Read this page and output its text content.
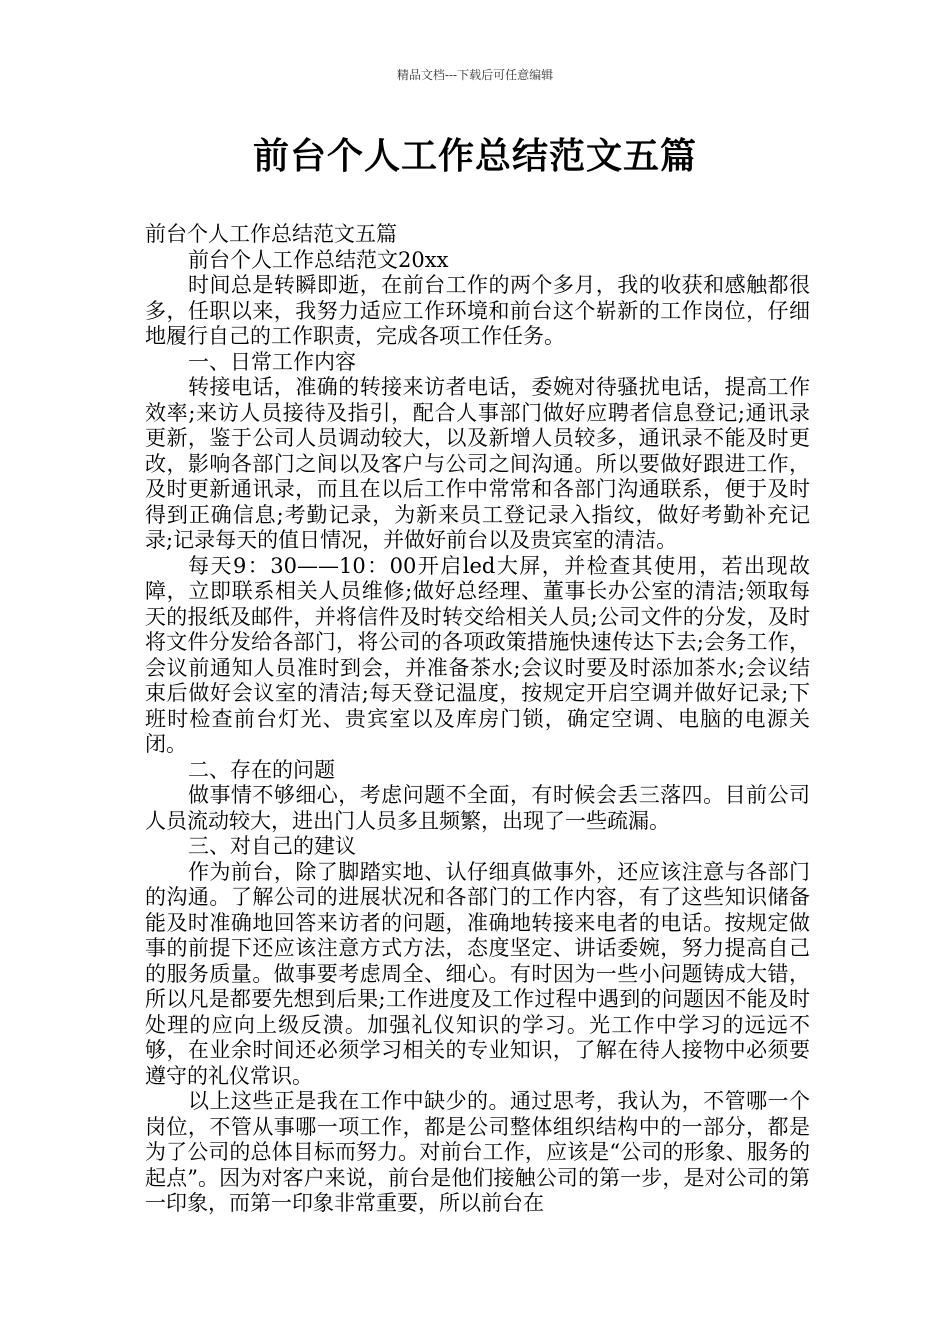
精品文档---下载后可任意编辑
前台个人工作总结范文五篇

前台个人工作总结范文五篇

前台个人工作总结范文20xx

时间总是转瞬即逝，在前台工作的两个多月，我的收获和感触都很多，任职以来，我努力适应工作环境和前台这个崭新的工作岗位，仔细地履行自己的工作职责，完成各项工作任务。

一、日常工作内容

转接电话，准确的转接来访者电话，委婉对待骚扰电话，提高工作效率;来访人员接待及指引，配合人事部门做好应聘者信息登记;通讯录更新，鉴于公司人员调动较大，以及新增人员较多，通讯录不能及时更改，影响各部门之间以及客户与公司之间沟通。所以要做好跟进工作，及时更新通讯录，而且在以后工作中常常和各部门沟通联系，便于及时得到正确信息;考勤记录，为新来员工登记录入指纹，做好考勤补充记录;记录每天的值日情况，并做好前台以及贵宾室的清洁。

每天9：30——10：00开启led大屏，并检查其使用，若出现故障，立即联系相关人员维修;做好总经理、董事长办公室的清洁;领取每天的报纸及邮件，并将信件及时转交给相关人员;公司文件的分发，及时将文件分发给各部门，将公司的各项政策措施快速传达下去;会务工作，会议前通知人员准时到会，并准备茶水;会议时要及时添加茶水;会议结束后做好会议室的清洁;每天登记温度，按规定开启空调并做好记录;下班时检查前台灯光、贵宾室以及库房门锁，确定空调、电脑的电源关闭。

二、存在的问题

做事情不够细心，考虑问题不全面，有时候会丢三落四。目前公司人员流动较大，进出门人员多且频繁，出现了一些疏漏。

三、对自己的建议

作为前台，除了脚踏实地、认仔细真做事外，还应该注意与各部门的沟通。了解公司的进展状况和各部门的工作内容，有了这些知识储备能及时准确地回答来访者的问题，准确地转接来电者的电话。按规定做事的前提下还应该注意方式方法，态度坚定、讲话委婉，努力提高自己的服务质量。做事要考虑周全、细心。有时因为一些小问题铸成大错，所以凡是都要先想到后果;工作进度及工作过程中遇到的问题因不能及时处理的应向上级反溃。加强礼仪知识的学习。光工作中学习的远远不够，在业余时间还必须学习相关的专业知识，了解在待人接物中必须要遵守的礼仪常识。

以上这些正是我在工作中缺少的。通过思考，我认为，不管哪一个岗位，不管从事哪一项工作，都是公司整体组织结构中的一部分，都是为了公司的总体目标而努力。对前台工作，应该是“公司的形象、服务的起点”。因为对客户来说，前台是他们接触公司的第一步，是对公司的第一印象，而第一印象非常重要，所以前台在
